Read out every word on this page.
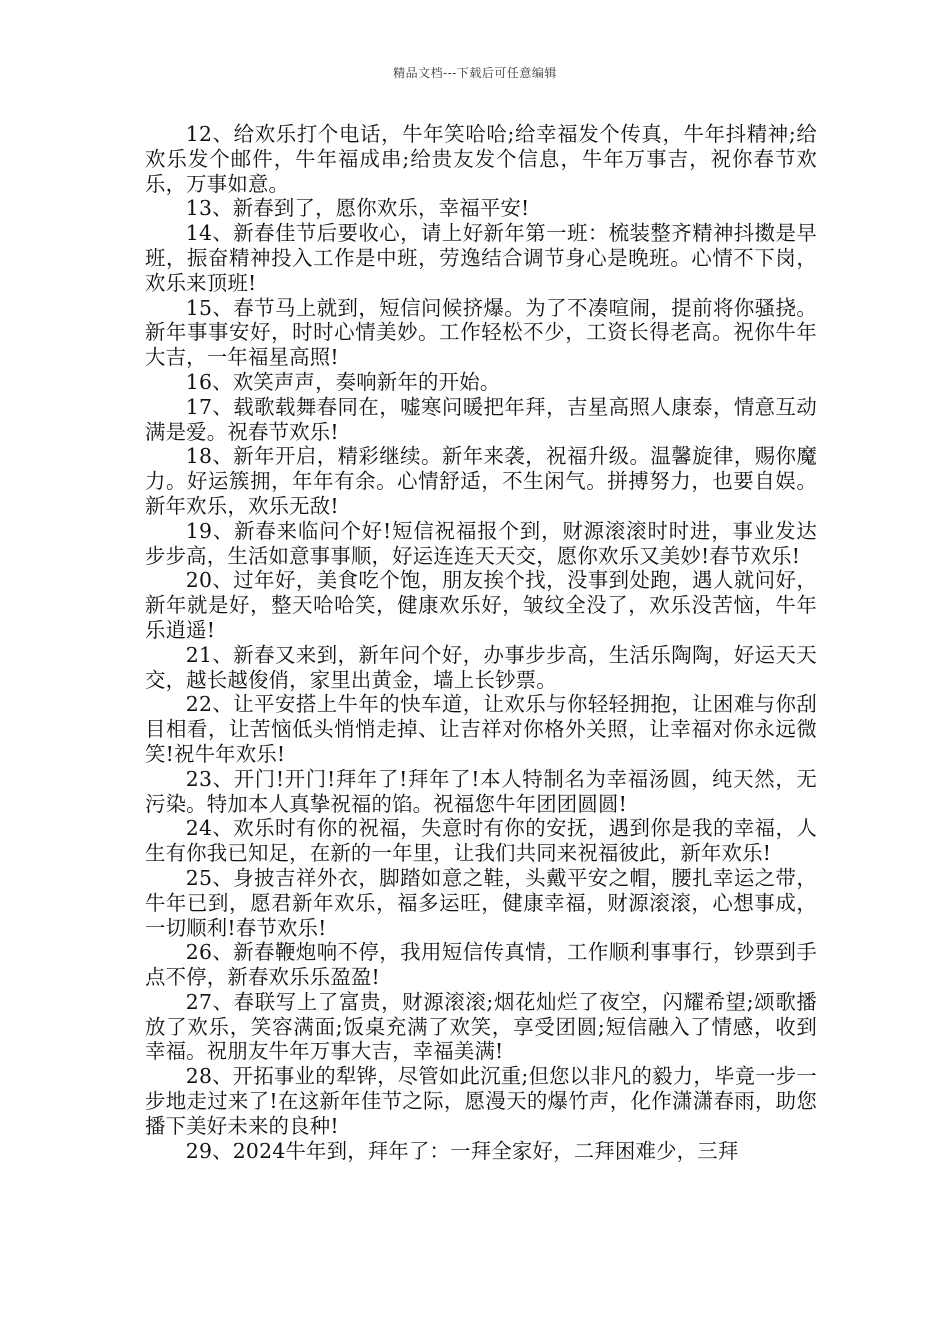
精品文档---下载后可任意编辑

12、给欢乐打个电话，牛年笑哈哈;给幸福发个传真，牛年抖精神;给欢乐发个邮件，牛年福成串;给贵友发个信息，牛年万事吉，祝你春节欢乐，万事如意。

13、新春到了，愿你欢乐，幸福平安!

14、新春佳节后要收心，请上好新年第一班：梳装整齐精神抖擞是早班，振奋精神投入工作是中班，劳逸结合调节身心是晚班。心情不下岗，欢乐来顶班!

15、春节马上就到，短信问候挤爆。为了不凑喧闹，提前将你骚挠。新年事事安好，时时心情美妙。工作轻松不少，工资长得老高。祝你牛年大吉，一年福星高照!

16、欢笑声声，奏响新年的开始。

17、载歌载舞春同在，嘘寒问暖把年拜，吉星高照人康泰，情意互动满是爱。祝春节欢乐!

18、新年开启，精彩继续。新年来袭，祝福升级。温馨旋律，赐你魔力。好运簇拥，年年有余。心情舒适，不生闲气。拼搏努力，也要自娱。新年欢乐，欢乐无敌!

19、新春来临问个好!短信祝福报个到，财源滚滚时时进，事业发达步步高，生活如意事事顺，好运连连天天交，愿你欢乐又美妙!春节欢乐!

20、过年好，美食吃个饱，朋友挨个找，没事到处跑，遇人就问好，新年就是好，整天哈哈笑，健康欢乐好，皱纹全没了，欢乐没苦恼，牛年乐逍遥!

21、新春又来到，新年问个好，办事步步高，生活乐陶陶，好运天天交，越长越俊俏，家里出黄金，墙上长钞票。

22、让平安搭上牛年的快车道，让欢乐与你轻轻拥抱，让困难与你刮目相看，让苦恼低头悄悄走掉、让吉祥对你格外关照，让幸福对你永远微笑!祝牛年欢乐!

23、开门!开门!拜年了!拜年了!本人特制名为幸福汤圆，纯天然，无污染。特加本人真挚祝福的馅。祝福您牛年团团圆圆!

24、欢乐时有你的祝福，失意时有你的安抚，遇到你是我的幸福，人生有你我已知足，在新的一年里，让我们共同来祝福彼此，新年欢乐!

25、身披吉祥外衣，脚踏如意之鞋，头戴平安之帽，腰扎幸运之带，牛年已到，愿君新年欢乐，福多运旺，健康幸福，财源滚滚，心想事成，一切顺利!春节欢乐!

26、新春鞭炮响不停，我用短信传真情，工作顺利事事行，钞票到手点不停，新春欢乐乐盈盈!

27、春联写上了富贵，财源滚滚;烟花灿烂了夜空，闪耀希望;颂歌播放了欢乐，笑容满面;饭桌充满了欢笑，享受团圆;短信融入了情感，收到幸福。祝朋友牛年万事大吉，幸福美满!

28、开拓事业的犁铧，尽管如此沉重;但您以非凡的毅力，毕竟一步一步地走过来了!在这新年佳节之际，愿漫天的爆竹声，化作潇潇春雨，助您播下美好未来的良种!

29、2024牛年到，拜年了：一拜全家好，二拜困难少，三拜
